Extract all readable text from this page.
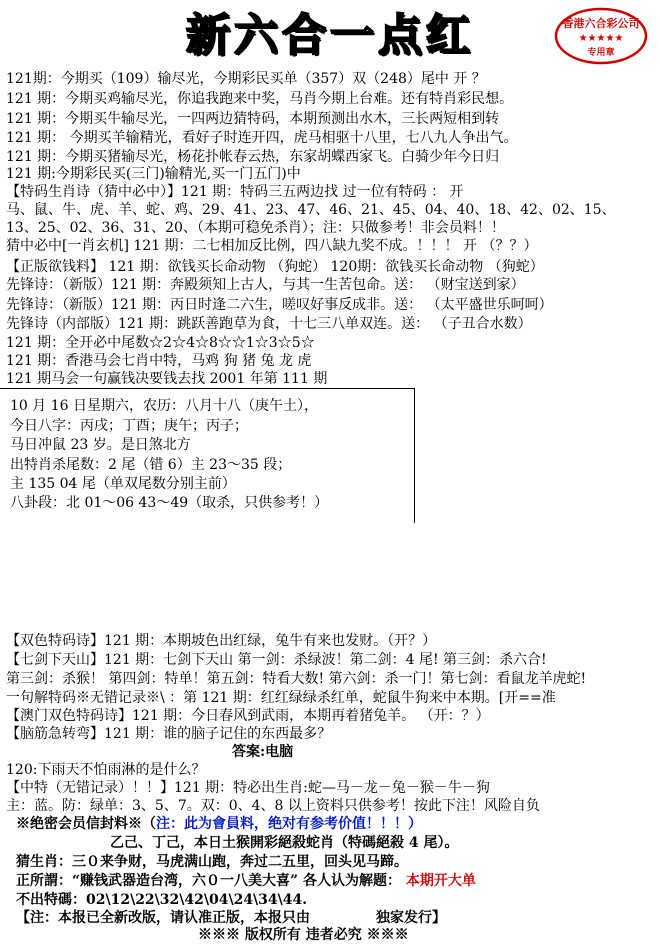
新六合一点红	香港六合彩公司
★★★★★
专用章
121期：今期买（109）输尽光，今期彩民买单（357）双（248）尾中 开 ？
121 期：今期买鸡输尽光，你追我跑来中奖，马肖今期上台难。还有特肖彩民想。
121 期：今期买牛输尽光，一四两边猜特码，本期预测出水木，三长两短相到转
121 期： 今期买羊输精光，看好子时连开四，虎马相驱十八里，七八九人争出气。
121 期：今期买猪输尽光，杨花扑帐春云热，东家胡蝶西家飞。白骑少年今日归
121 期:今期彩民买(三门)输精光,买一门五门)中
【特码生肖诗（猜中必中）】121 期：特码三五两边找 过一位有特码 ： 开
马、鼠、牛、虎、羊、蛇、鸡、29、41、23、47、46、21、45、04、40、18、42、02、15、
13、25、02、36、31、20、（本期可稳免杀肖）；注：只做参考！非会员料！！
猜中必中[一肖玄机] 121 期：二七相加反比例，四八缺九奖不成。！！！ 开 （？？）
【正版欲钱料】 121 期：欲钱买长命动物 （狗蛇） 120期：欲钱买长命动物 （狗蛇）
先锋诗：（新版）121 期：奔殿须知上古人，与其一生苦包命。送： （财宝送到家）
先锋诗：（新版）121 期：丙日时逢二六生，嗟叹好事反成非。送： （太平盛世乐呵呵）
先锋诗（内部版）121 期：跳跃善跑草为食，十七三八单双连。送： （子丑合水数）
121 期：全开必中尾数☆2☆4☆8☆☆1☆3☆5☆
121 期：香港马会七肖中特，马鸡 狗 猪 兔 龙 虎
121 期马会一句赢钱决要钱去找 2001 年第 111 期
10 月 16 日星期六，农历：八月十八（庚午土），
今日八字：丙戌；丁酉；庚午；丙子；
马日冲鼠 23 岁。是日煞北方
出特肖杀尾数：2 尾（错 6）主 23～35 段；
主 135 04 尾（单双尾数分别主前）
八卦段：北 01～06 43～49（取杀，只供参考！）
【双色特码诗】121 期：本期坡色出红绿，兔牛有来也发财。（开？）
【七剑下天山】121 期：七剑下天山 第一剑：杀绿波！第二剑：4 尾! 第三剑：杀六合!
第三剑：杀猴！ 第四剑：特单！第五剑：特看大数! 第六剑：杀一门！第七剑：看鼠龙羊虎蛇!
一句解特码※无错记录※\ ：第 121 期：红红绿绿杀红单，蛇鼠牛狗来中本期。[开==准
【澳门双色特码诗】121 期：今日春风到武雨，本期再着猪兔羊。 （开：？）
【脑筋急转弯】121 期：谁的脑子记住的东西最多？
答案:电脑
120:下雨天不怕雨淋的是什么？
【中特（无错记录）！！】121 期：特必出生肖:蛇—马－龙－兔－猴－牛－狗
主：蓝。防：绿单：3、5、7。双：0、4、8 以上资料只供参考！按此下注！风险自负
※绝密会员信封料※（注：此为會員料，绝对有参考价值！！！）
乙己、丁己，本日土猴開彩絕殺蛇肖（特碼絕殺 4 尾）。
猜生肖：三０来争财，马虎满山跑，奔过二五里，回头见马蹄。
正所謂：“赚钱武器造台湾，六０一八美大喜” 各人认为解题： 本期开大单
不出特碼：02\12\22\32\42\04\24\34\44.
【注：本报已全新改版，请认准正版，本报只由	独家发行】
※※※ 版权所有 违者必究 ※※※
